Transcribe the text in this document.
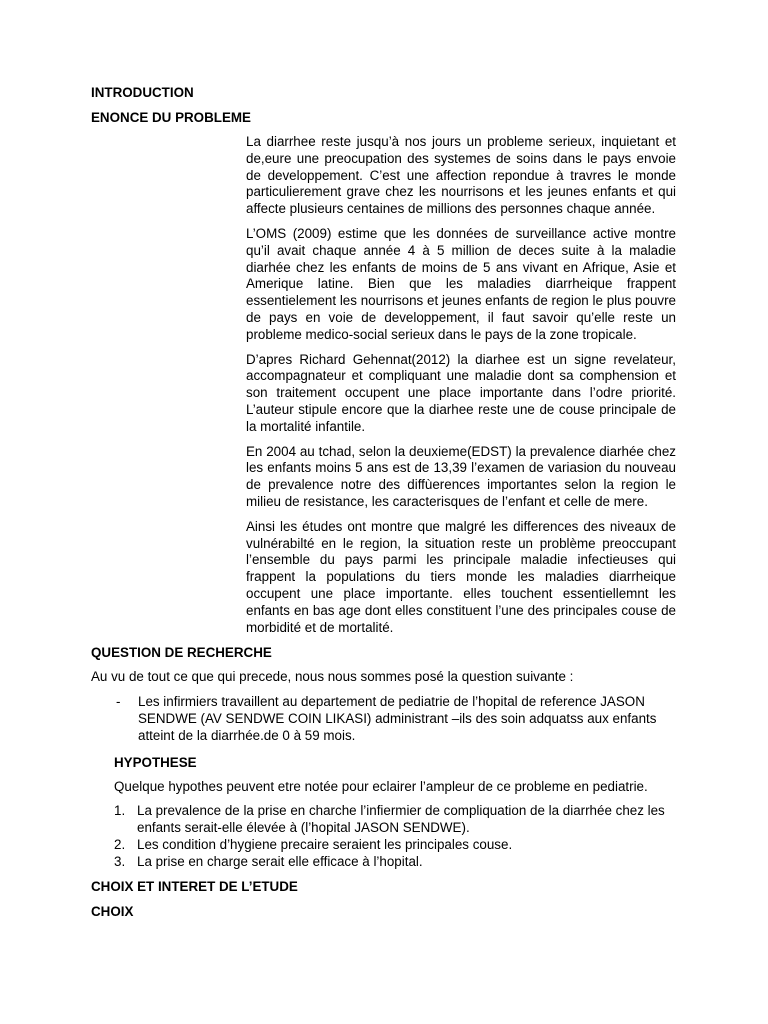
INTRODUCTION
ENONCE DU PROBLEME
La diarrhee reste jusqu’à nos jours un probleme serieux, inquietant et de,eure une preocupation des systemes de soins dans le pays envoie de developpement. C’est une affection repondue à travres le monde particulierement grave chez les nourrisons et les jeunes enfants et qui affecte plusieurs centaines de millions des personnes chaque année.
L’OMS (2009) estime que les données de surveillance active montre qu’il avait chaque année 4 à 5 million de deces suite à la maladie diarhée chez les enfants de moins de 5 ans vivant en Afrique, Asie et Amerique latine. Bien que les maladies diarrheique frappent essentielement les nourrisons et jeunes enfants de region le plus pouvre de pays en voie de developpement, il faut savoir qu’elle reste un probleme medico-social serieux dans le pays de la zone tropicale.
D’apres Richard Gehennat(2012) la diarhee est un signe revelateur, accompagnateur et compliquant une maladie dont sa comphension et son traitement occupent une place importante dans l’odre priorité. L’auteur stipule encore que la diarhee reste une de couse principale de la mortalité infantile.
En 2004 au tchad, selon la deuxieme(EDST) la prevalence diarhée chez les enfants moins 5 ans est de 13,39 l’examen de variasion du nouveau de prevalence notre des diffùerences importantes selon la region le milieu de resistance, les caracterisques de l’enfant et celle de mere.
Ainsi les études ont montre que malgré les differences des niveaux de vulnérabilté en le region, la situation reste un problème preoccupant l’ensemble du pays parmi les principale maladie infectieuses qui frappent la populations du tiers monde les maladies diarrheique occupent une place importante. elles touchent essentiellemnt les enfants en bas age dont elles constituent l’une des principales couse de morbidité et de mortalité.
QUESTION DE RECHERCHE
Au vu de tout ce que qui precede, nous nous sommes posé la question suivante :
- Les infirmiers travaillent au departement de pediatrie de l’hopital de reference JASON SENDWE (AV SENDWE COIN LIKASI) administrant –ils des soin adquatss aux enfants atteint de la diarrhée.de 0 à 59 mois.
HYPOTHESE
Quelque hypothes peuvent etre notée pour eclairer l’ampleur de ce probleme en pediatrie.
1. La prevalence de la prise en charche l’infiermier de compliquation de la diarrhée chez les enfants serait-elle élevée à (l’hopital JASON SENDWE).
2. Les condition d’hygiene precaire seraient les principales couse.
3. La prise en charge serait elle efficace à l’hopital.
CHOIX ET INTERET DE L’ETUDE
CHOIX
